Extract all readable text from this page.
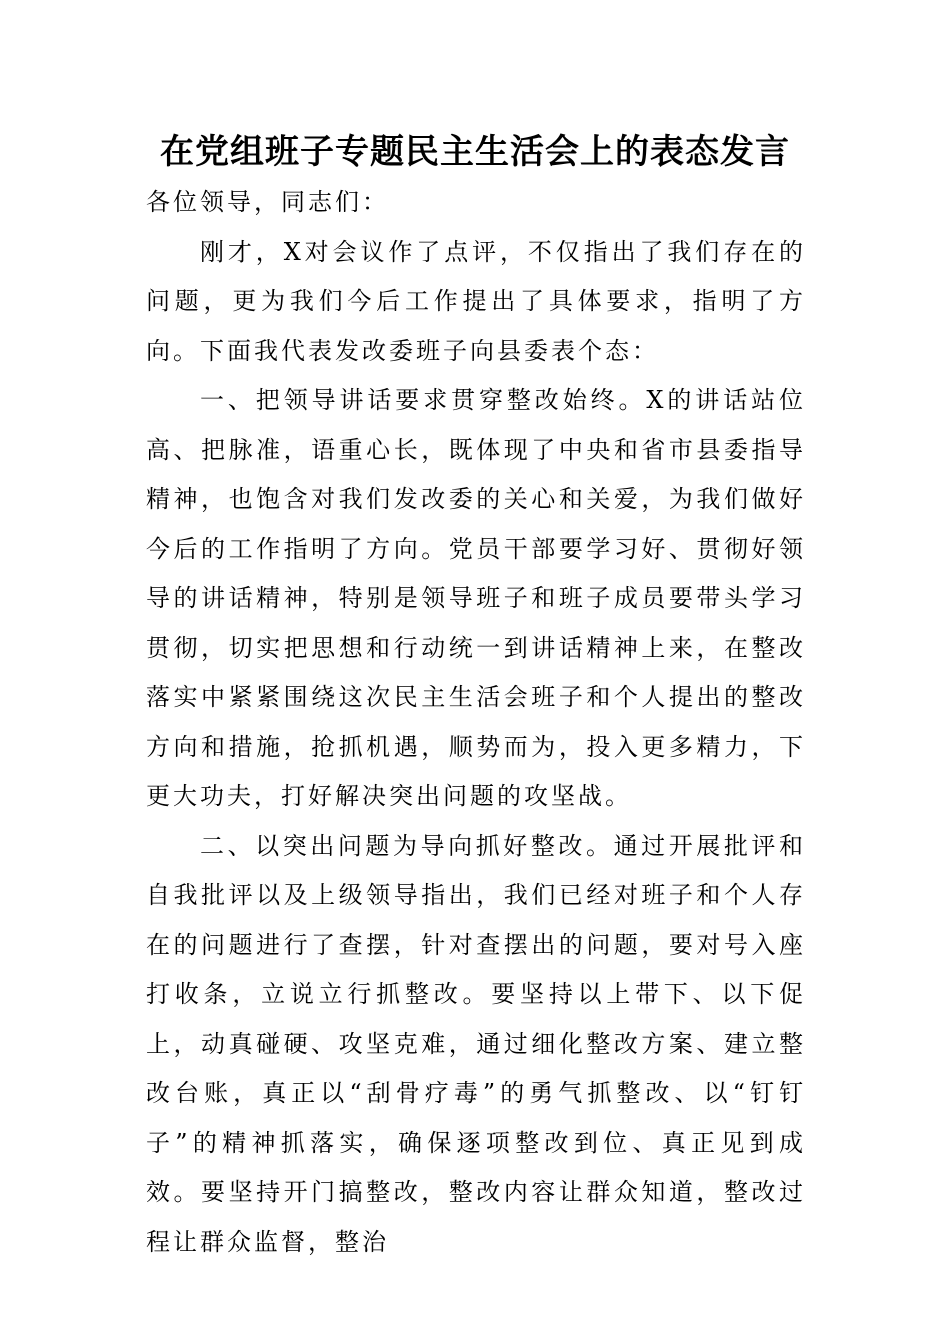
在党组班子专题民主生活会上的表态发言

各位领导，同志们：

刚才，X对会议作了点评，不仅指出了我们存在的问题，更为我们今后工作提出了具体要求，指明了方向。下面我代表发改委班子向县委表个态：

一、把领导讲话要求贯穿整改始终。X的讲话站位高、把脉准，语重心长，既体现了中央和省市县委指导精神，也饱含对我们发改委的关心和关爱，为我们做好今后的工作指明了方向。党员干部要学习好、贯彻好领导的讲话精神，特别是领导班子和班子成员要带头学习贯彻，切实把思想和行动统一到讲话精神上来，在整改落实中紧紧围绕这次民主生活会班子和个人提出的整改方向和措施，抢抓机遇，顺势而为，投入更多精力，下更大功夫，打好解决突出问题的攻坚战。

二、以突出问题为导向抓好整改。通过开展批评和自我批评以及上级领导指出，我们已经对班子和个人存在的问题进行了查摆，针对查摆出的问题，要对号入座打收条，立说立行抓整改。要坚持以上带下、以下促上，动真碰硬、攻坚克难，通过细化整改方案、建立整改台账，真正以“刮骨疗毒”的勇气抓整改、以“钉钉子”的精神抓落实，确保逐项整改到位、真正见到成效。要坚持开门搞整改，整改内容让群众知道，整改过程让群众监督，整治
